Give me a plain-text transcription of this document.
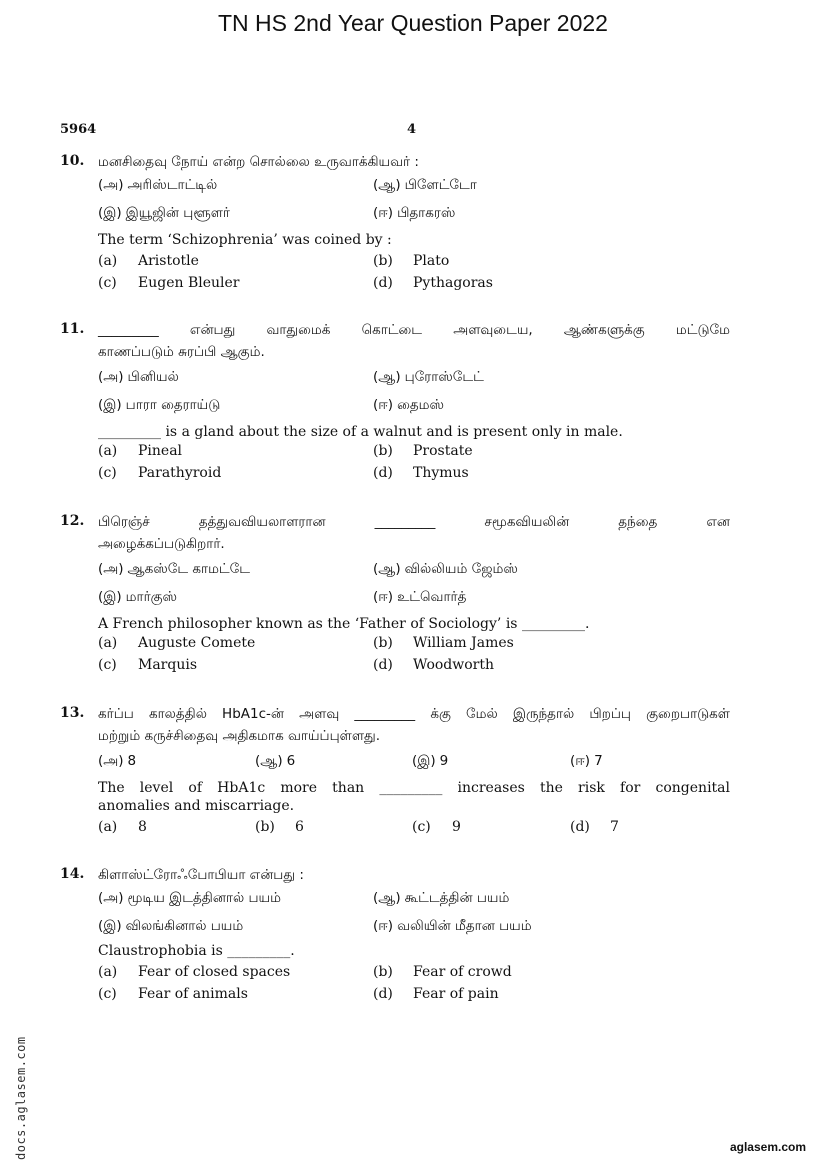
TN HS 2nd Year Question Paper 2022
5964	4
10. மனசிதைவு நோய் என்ற சொல்லை உருவாக்கியவர் :
(அ) அரிஸ்டாட்டில்	(ஆ) பிளேட்டோ
(இ) இயூஜின் புளூளர்	(ஈ) பிதாகரஸ்
The term ‘Schizophrenia’ was coined by :
(a) Aristotle	(b) Plato
(c) Eugen Bleuler	(d) Pythagoras
11. _________ என்பது வாதுமைக் கொட்டை அளவுடைய, ஆண்களுக்கு மட்டுமே
காணப்படும் சுரப்பி ஆகும்.
(அ) பினியல்	(ஆ) புரோஸ்டேட்
(இ) பாரா தைராய்டு	(ஈ) தைமஸ்
_________ is a gland about the size of a walnut and is present only in male.
(a) Pineal	(b) Prostate
(c) Parathyroid	(d) Thymus
12. பிரெஞ்ச் தத்துவவியலாளரான _________ சமூகவியலின் தந்தை என
அழைக்கப்படுகிறார்.
(அ) ஆகஸ்டே காமட்டே	(ஆ) வில்லியம் ஜேம்ஸ்
(இ) மார்குஸ்	(ஈ) உட்வொர்த்
A French philosopher known as the ‘Father of Sociology’ is _________.
(a) Auguste Comete	(b) William James
(c) Marquis	(d) Woodworth
13. கர்ப்ப காலத்தில் HbA1c-ன் அளவு _________ க்கு மேல் இருந்தால் பிறப்பு குறைபாடுகள்
மற்றும் கருச்சிதைவு அதிகமாக வாய்ப்புள்ளது.
(அ) 8	(ஆ) 6	(இ) 9	(ஈ) 7
The level of HbA1c more than _________ increases the risk for congenital
anomalies and miscarriage.
(a) 8	(b) 6	(c) 9	(d) 7
14. கிளாஸ்ட்ரோஃபோபியா என்பது :
(அ) மூடிய இடத்தினால் பயம்	(ஆ) கூட்டத்தின் பயம்
(இ) விலங்கினால் பயம்	(ஈ) வலியின் மீதான பயம்
Claustrophobia is _________.
(a) Fear of closed spaces	(b) Fear of crowd
(c) Fear of animals	(d) Fear of pain
docs.aglasem.com	aglasem.com
